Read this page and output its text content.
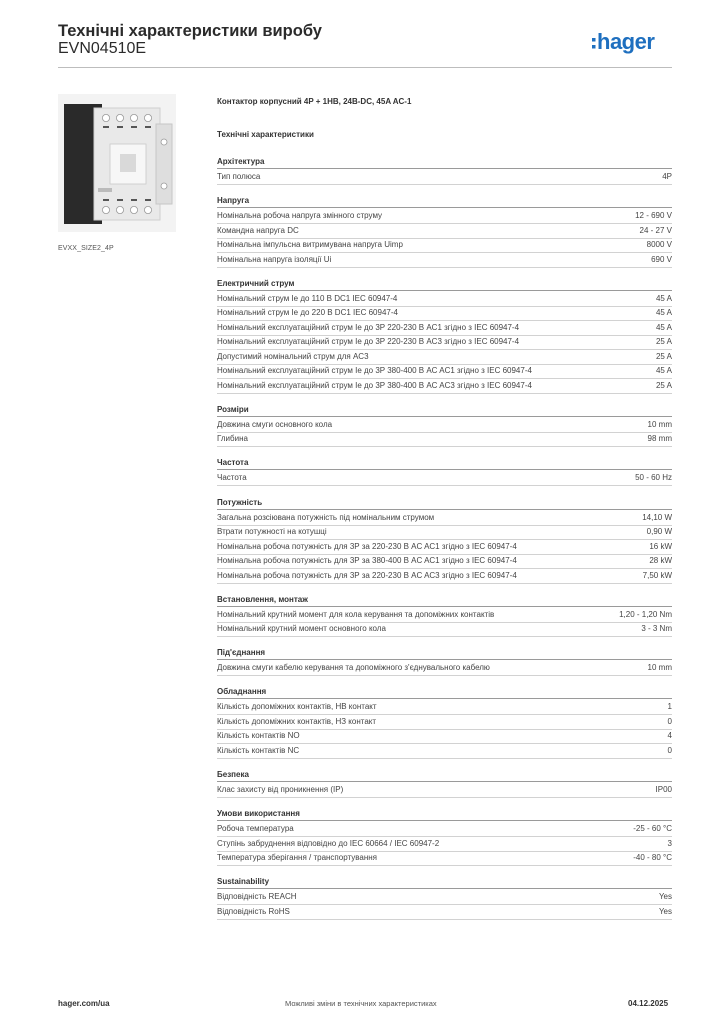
Технічні характеристики виробу
EVN04510E	hager
EVXX_SIZE2_4P
Контактор корпусний 4P + 1НВ, 24В-DC, 45A AC-1
Технічні характеристики
Архітектура
Тип полюса	4P
Напруга
Номінальна робоча напруга змінного струму	12 - 690 V
Командна напруга DC	24 - 27 V
Номінальна імпульсна витримувана напруга Uimp	8000 V
Номінальна напруга ізоляції Ui	690 V
Електричний струм
Номінальний струм Ie до 110 В DC1 IEC 60947-4	45 A
Номінальний струм Ie до 220 В DC1 IEC 60947-4	45 A
Номінальний експлуатаційний струм Ie до 3P 220-230 В AC1 згідно з IEC 60947-4	45 A
Номінальний експлуатаційний струм Ie до 3P 220-230 В AC3 згідно з IEC 60947-4	25 A
Допустимий номінальний струм для AC3	25 A
Номінальний експлуатаційний струм Ie до 3P 380-400 В AC AC1 згідно з IEC 60947-4	45 A
Номінальний експлуатаційний струм Ie до 3P 380-400 В AC AC3 згідно з IEC 60947-4	25 A
Розміри
Довжина смуги основного кола	10 mm
Глибина	98 mm
Частота
Частота	50 - 60 Hz
Потужність
Загальна розсіювана потужність під номінальним струмом	14,10 W
Втрати потужності на котушці	0,90 W
Номінальна робоча потужність для 3P за 220-230 В AC AC1 згідно з IEC 60947-4	16 kW
Номінальна робоча потужність для 3P за 380-400 В AC AC1 згідно з IEC 60947-4	28 kW
Номінальна робоча потужність для 3P за 220-230 В AC AC3 згідно з IEC 60947-4	7,50 kW
Встановлення, монтаж
Номінальний крутний момент для кола керування та допоміжних контактів	1,20 - 1,20 Nm
Номінальний крутний момент основного кола	3 - 3 Nm
Під'єднання
Довжина смуги кабелю керування та допоміжного з'єднувального кабелю	10 mm
Обладнання
Кількість допоміжних контактів, НВ контакт	1
Кількість допоміжних контактів, НЗ контакт	0
Кількість контактів NO	4
Кількість контактів NC	0
Безпека
Клас захисту від проникнення (IP)	IP00
Умови використання
Робоча температура	-25 - 60 °C
Ступінь забруднення відповідно до IEC 60664 / IEC 60947-2	3
Температура зберігання / транспортування	-40 - 80 °C
Sustainability
Відповідність REACH	Yes
Відповідність RoHS	Yes
hager.com/ua	Можливі зміни в технічних характеристиках	04.12.2025
